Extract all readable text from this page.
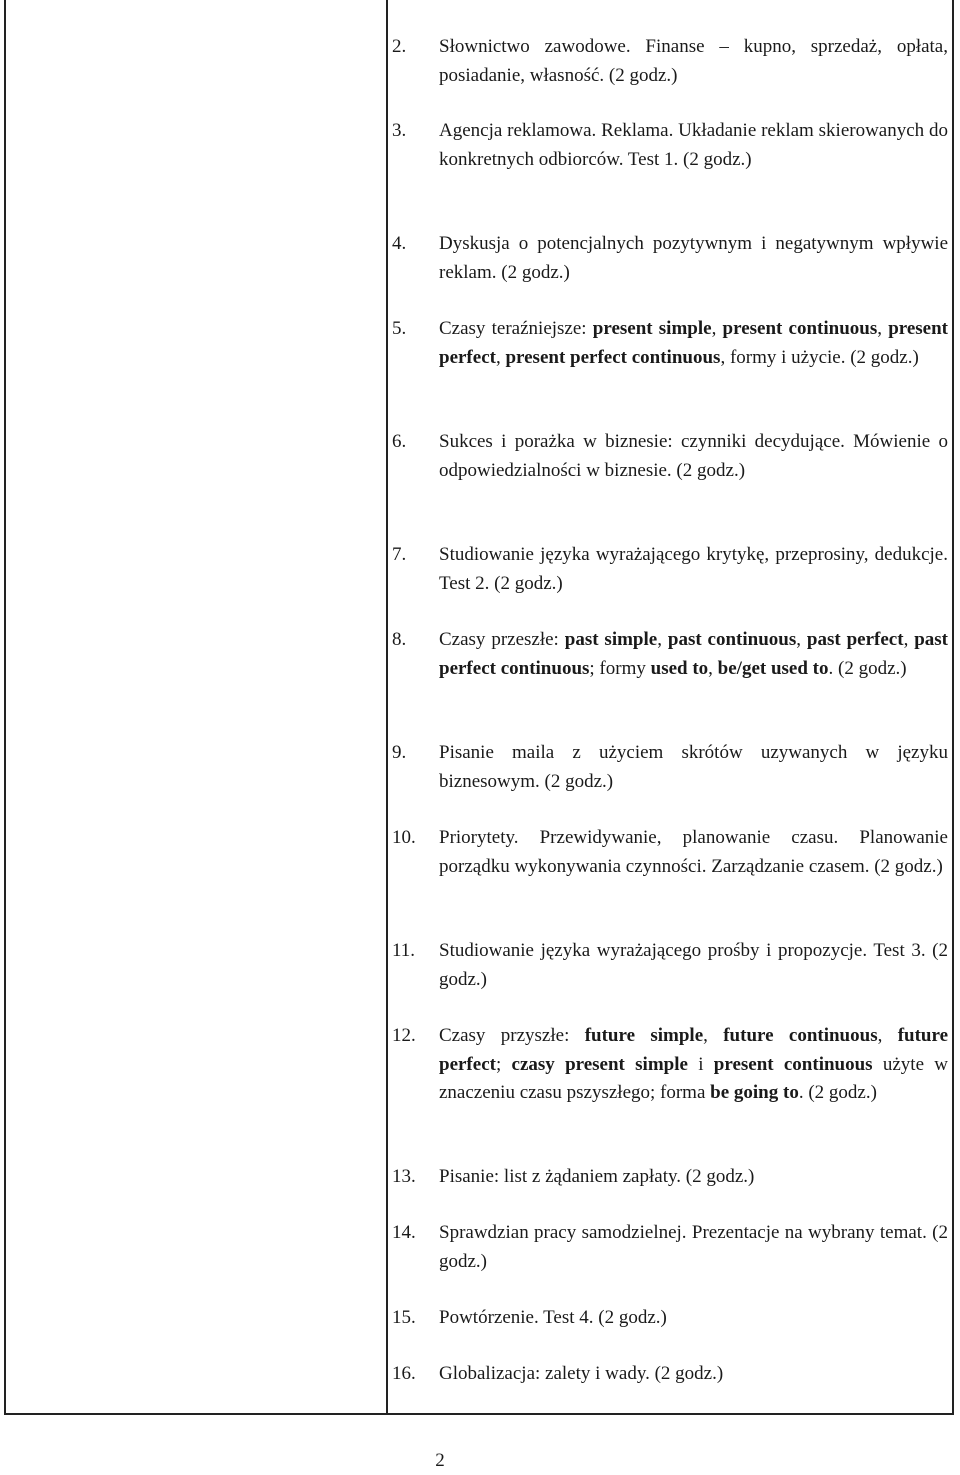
2. Słownictwo zawodowe. Finanse – kupno, sprzedaż, opłata, posiadanie, własność. (2 godz.)
3. Agencja reklamowa. Reklama. Układanie reklam skierowanych do konkretnych odbiorców. Test 1. (2 godz.)
4. Dyskusja o potencjalnych pozytywnym i negatywnym wpływie reklam. (2 godz.)
5. Czasy teraźniejsze: present simple, present continuous, present perfect, present perfect continuous, formy i użycie. (2 godz.)
6. Sukces i porażka w biznesie: czynniki decydujące. Mówienie o odpowiedzialności w biznesie. (2 godz.)
7. Studiowanie języka wyrażającego krytykę, przeprosiny, dedukcje. Test 2. (2 godz.)
8. Czasy przeszłe: past simple, past continuous, past perfect, past perfect continuous; formy used to, be/get used to. (2 godz.)
9. Pisanie maila z użyciem skrótów uzywanych w języku biznesowym. (2 godz.)
10. Priorytety. Przewidywanie, planowanie czasu. Planowanie porządku wykonywania czynności. Zarządzanie czasem. (2 godz.)
11. Studiowanie języka wyrażającego prośby i propozycje. Test 3. (2 godz.)
12. Czasy przyszłe: future simple, future continuous, future perfect; czasy present simple i present continuous użyte w znaczeniu czasu pszyszłego; forma be going to. (2 godz.)
13. Pisanie: list z żądaniem zapłaty. (2 godz.)
14. Sprawdzian pracy samodzielnej. Prezentacje na wybrany temat. (2 godz.)
15. Powtórzenie. Test 4. (2 godz.)
16. Globalizacja: zalety i wady. (2 godz.)
2
